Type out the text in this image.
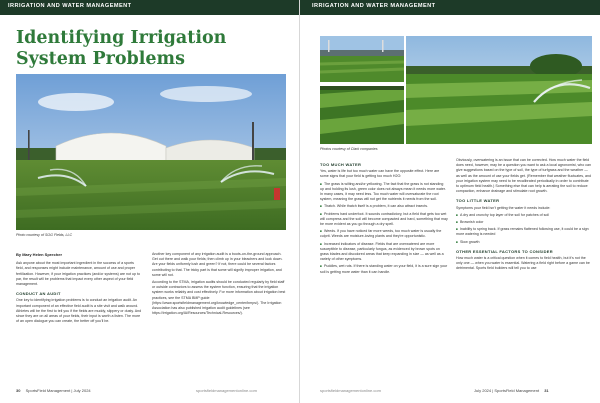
IRRIGATION AND WATER MANAGEMENT
Identifying Irrigation System Problems
Photo courtesy of SOG Fields, LLC

By Mary Helen Sprecher

Ask anyone about the most important ingredient in the success of a sports field, and responses might include maintenance, amount of use and proper fertilization. However, if your irrigation practices (and/or systems) are not up to par, the result will be problems that impact every other aspect of your field management.

CONDUCT AN AUDIT

One key to identifying irrigation problems is to conduct an irrigation audit. An important component of an effective field audit is a site visit and walk around. Athletes will be the first to tell you if the fields are muddy, slippery or dusty. And since they are on all areas of your fields, their input is worth a listen. The more of an open dialogue you can create, the better off you'll be.

Another key component of any irrigation audit is a boots-on-the-ground approach. Get out there and walk your fields; then climb up in your bleachers and look down. Are your fields uniformly lush and green? If not, there could be several factors contributing to that. The tricky part is that some will signify improper irrigation, and some will not.

According to the STMA, irrigation audits should be conducted regularly by field staff or outside contractors to assess the system function, ensuring that the irrigation system works reliably and cost effectively. For more information about irrigation best practices, see the STMA BMP guide (https://www.sportsfieldmanagement.org/knowledge_center/bmps/). The Irrigation Association has also published irrigation audit guidelines (see https://irrigation.org/IA/Resources/Technical-Resources/).

30 SportsField Management | July 2024	sportsfieldmanagementonline.com
IRRIGATION AND WATER MANAGEMENT
Photos courtesy of Clark companies

TOO MUCH WATER

Yes, water is life but too much water can have the opposite effect. Here are some signs that your field is getting too much H2O:

■ The grass is wilting and/or yellowing. The fact that the grass is not standing up and holding its lush, green color does not always mean it needs more water. In many cases, it may need less. Too much water will oversaturate the root system, meaning the grass will not get the nutrients it needs from the soil.

■ Thatch. While thatch itself is a problem, it can also attract insects.

■ Problems hard underfoot. It sounds contradictory, but a field that gets too wet will compress and the soil will become compacted and hard, something that may be more evident as you go through a dry spell.

■ Weeds. If you have noticed far more weeds, too much water is usually the culprit. Weeds are moisture-loving plants and they're opportunistic.

■ Increased indicators of disease. Fields that are overwatered are more susceptible to disease, particularly fungus, as evidenced by brown spots on grass blades and discolored areas that keep expanding in size — as well as a variety of other symptoms.

■ Puddles, wet ruts. If there is standing water on your field, it is a sure sign your soil is getting more water than it can handle.

Obviously, overwatering is an issue that can be corrected. How much water the field does need, however, may be a question you want to ask a local agronomist, who can give suggestions based on the type of soil, the type of turfgrass and the weather — as well as the amount of use your fields get. (Remember that weather fluctuates, and your irrigation system may need to be recalibrated periodically in order to contribute to optimum field health.) Something else that can help is aerating the soil to reduce compaction, enhance drainage and stimulate root growth.

TOO LITTLE WATER

Symptoms your field isn't getting the water it needs include:

■ A dry and crunchy top layer of the soil for patches of soil

■ Brownish color

■ Inability to spring back. If grass remains flattened following use, it could be a sign more watering is needed

■ Slow growth

OTHER ESSENTIAL FACTORS TO CONSIDER

How much water is a critical question when it comes to field health, but it's not the only one — when you water is essential. Watering a field right before a game can be detrimental. Sports field builders will tell you to use

sportsfieldmanagementonline.com	July 2024 | SportsField Management 31
